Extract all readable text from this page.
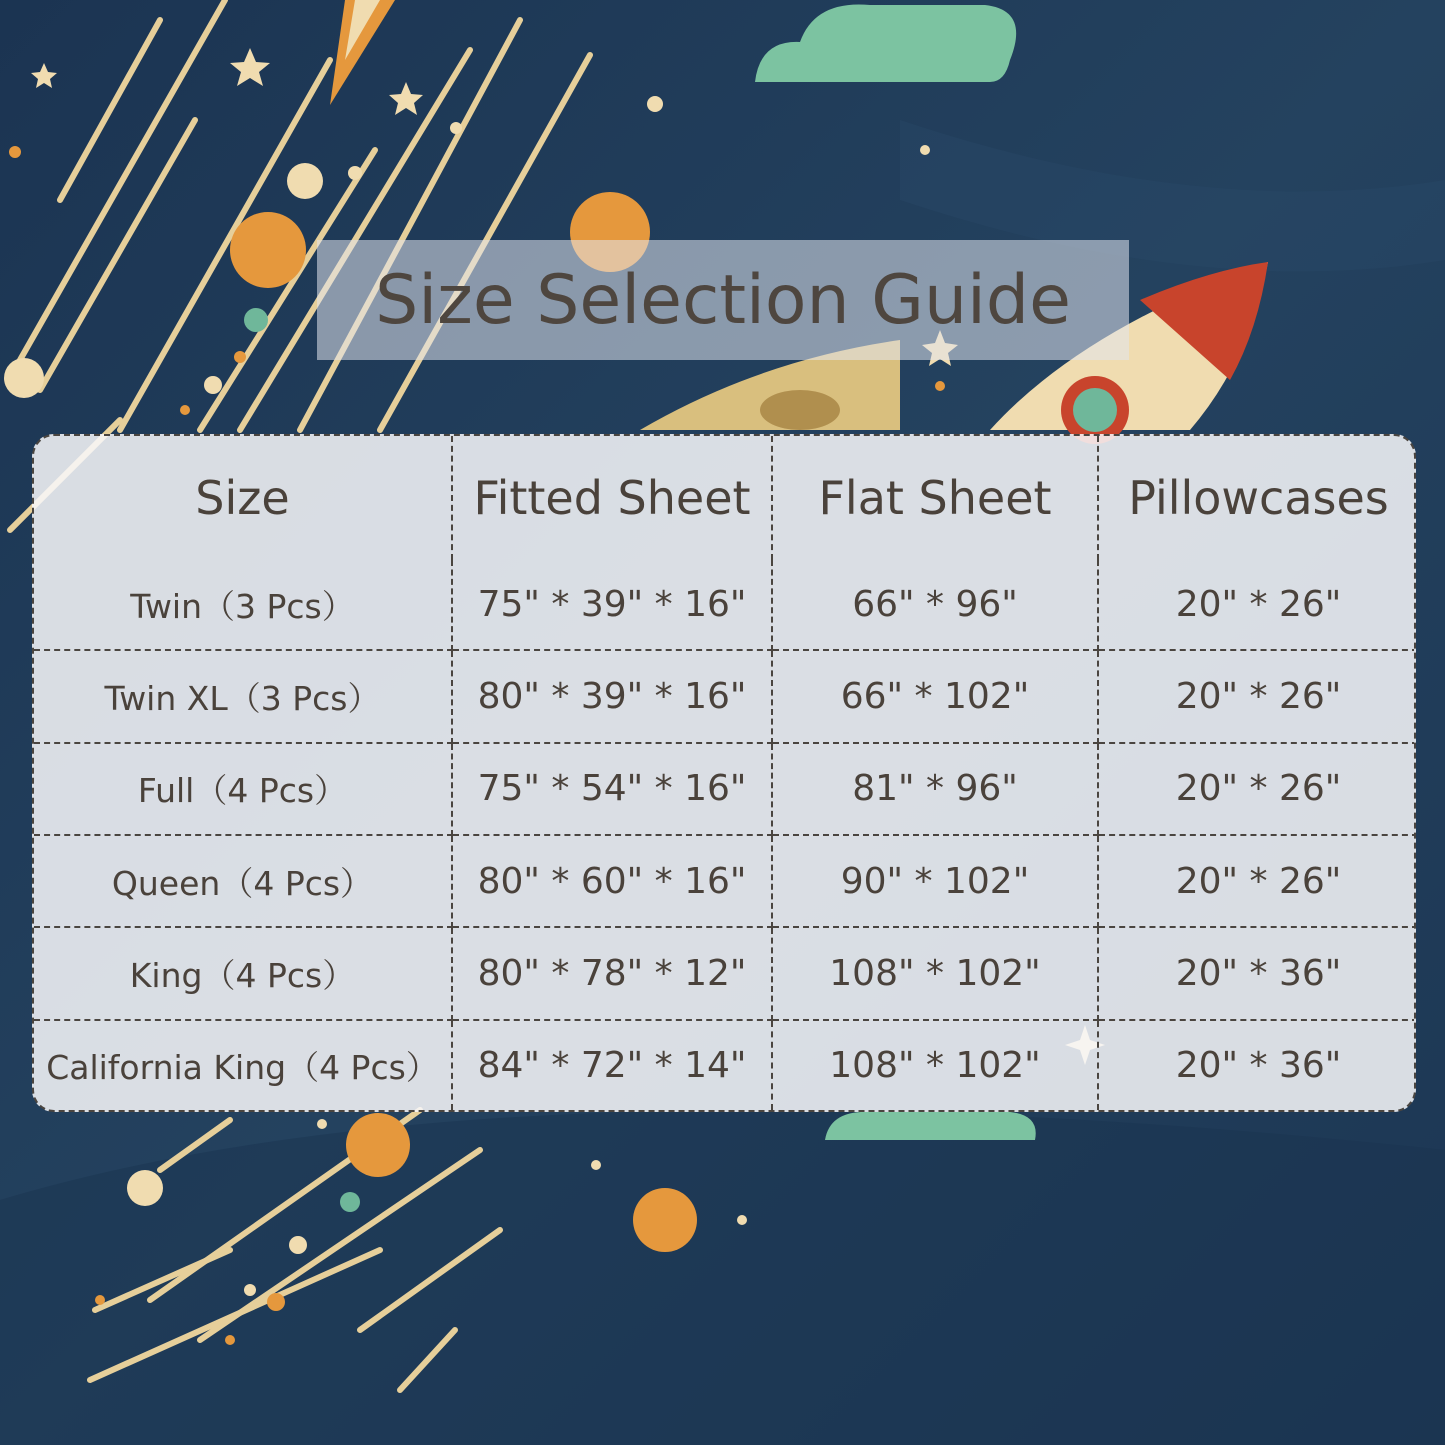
Size Selection Guide
Size	Fitted Sheet	Flat Sheet	Pillowcases
Twin（3 Pcs）	75" * 39" * 16"	66" * 96"	20" * 26"
Twin XL（3 Pcs）	80" * 39" * 16"	66" * 102"	20" * 26"
Full（4 Pcs）	75" * 54" * 16"	81" * 96"	20" * 26"
Queen（4 Pcs）	80" * 60" * 16"	90" * 102"	20" * 26"
King（4 Pcs）	80" * 78" * 12"	108" * 102"	20" * 36"
California King（4 Pcs）	84" * 72" * 14"	108" * 102"	20" * 36"
